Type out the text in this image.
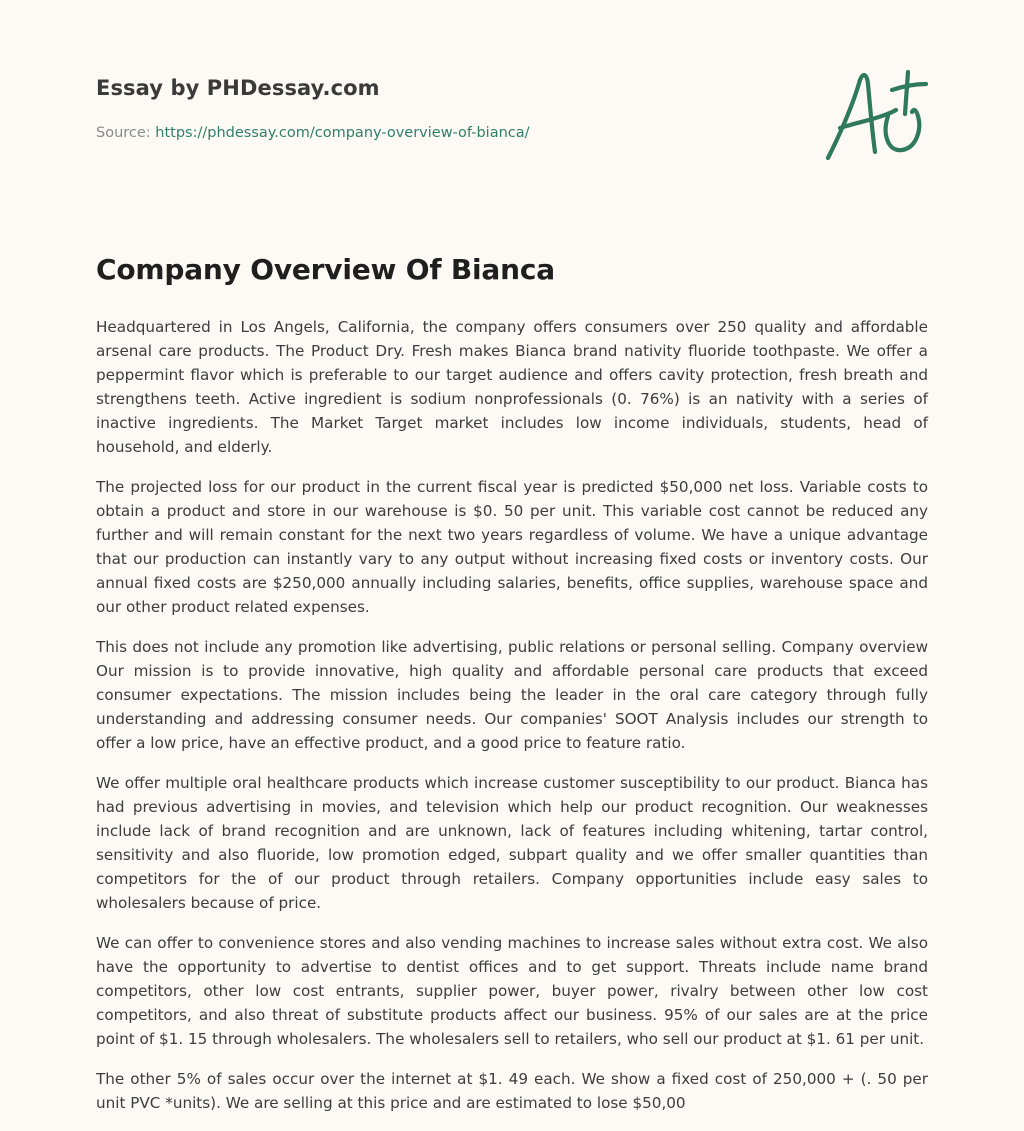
Essay by PHDessay.com

Source: https://phdessay.com/company-overview-of-bianca/
Company Overview Of Bianca

Headquartered in Los Angels, California, the company offers consumers over 250 quality and affordable arsenal care products. The Product Dry. Fresh makes Bianca brand nativity fluoride toothpaste. We offer a peppermint flavor which is preferable to our target audience and offers cavity protection, fresh breath and strengthens teeth. Active ingredient is sodium nonprofessionals (0. 76%) is an nativity with a series of inactive ingredients. The Market Target market includes low income individuals, students, head of household, and elderly.

The projected loss for our product in the current fiscal year is predicted $50,000 net loss. Variable costs to obtain a product and store in our warehouse is $0. 50 per unit. This variable cost cannot be reduced any further and will remain constant for the next two years regardless of volume. We have a unique advantage that our production can instantly vary to any output without increasing fixed costs or inventory costs. Our annual fixed costs are $250,000 annually including salaries, benefits, office supplies, warehouse space and our other product related expenses.

This does not include any promotion like advertising, public relations or personal selling. Company overview Our mission is to provide innovative, high quality and affordable personal care products that exceed consumer expectations. The mission includes being the leader in the oral care category through fully understanding and addressing consumer needs. Our companies' SOOT Analysis includes our strength to offer a low price, have an effective product, and a good price to feature ratio.

We offer multiple oral healthcare products which increase customer susceptibility to our product. Bianca has had previous advertising in movies, and television which help our product recognition. Our weaknesses include lack of brand recognition and are unknown, lack of features including whitening, tartar control, sensitivity and also fluoride, low promotion edged, subpart quality and we offer smaller quantities than competitors for the of our product through retailers. Company opportunities include easy sales to wholesalers because of price.

We can offer to convenience stores and also vending machines to increase sales without extra cost. We also have the opportunity to advertise to dentist offices and to get support. Threats include name brand competitors, other low cost entrants, supplier power, buyer power, rivalry between other low cost competitors, and also threat of substitute products affect our business. 95% of our sales are at the price point of $1. 15 through wholesalers. The wholesalers sell to retailers, who sell our product at $1. 61 per unit.

The other 5% of sales occur over the internet at $1. 49 each. We show a fixed cost of 250,000 + (. 50 per unit PVC *units). We are selling at this price and are estimated to lose $50,00
